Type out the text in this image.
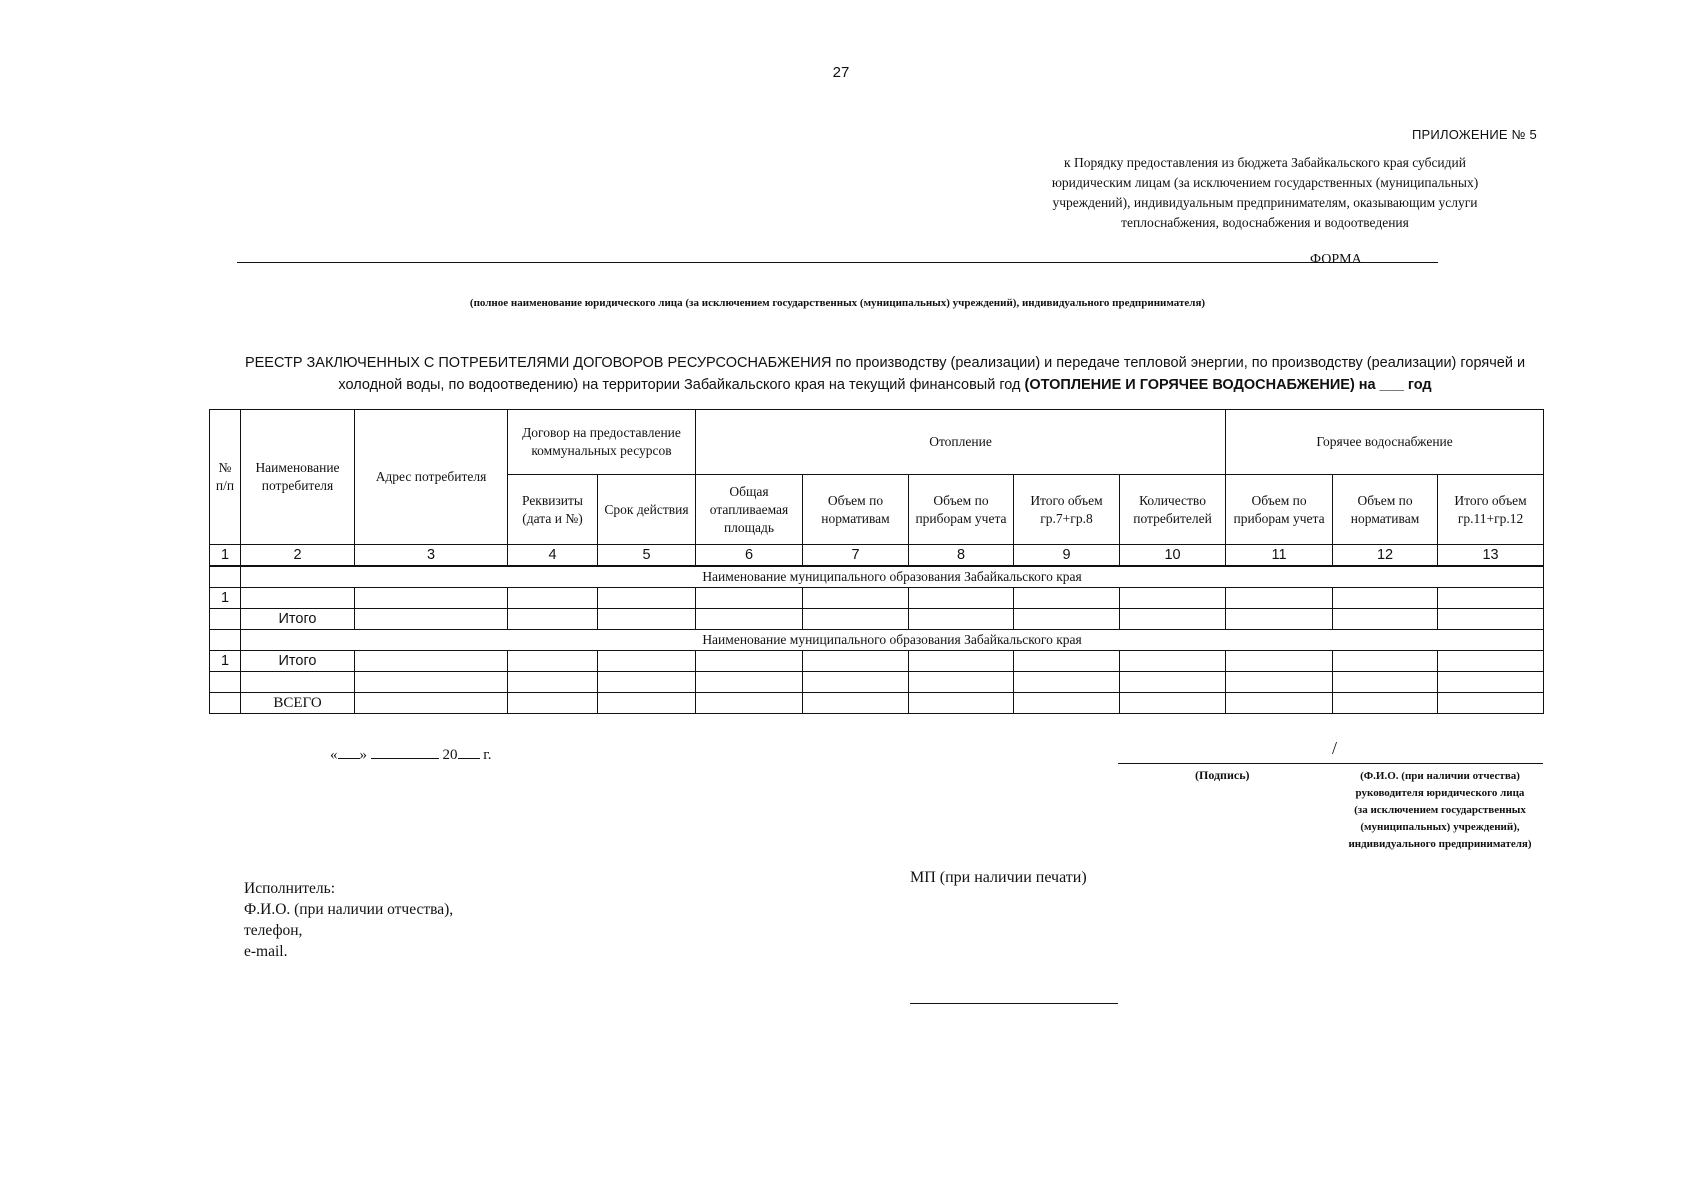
27
ПРИЛОЖЕНИЕ № 5
к Порядку предоставления из бюджета Забайкальского края субсидий
юридическим лицам (за исключением государственных (муниципальных)
учреждений), индивидуальным предпринимателям, оказывающим услуги
теплоснабжения, водоснабжения и водоотведения
ФОРМА
(полное наименование юридического лица (за исключением государственных (муниципальных) учреждений), индивидуального предпринимателя)
РЕЕСТР ЗАКЛЮЧЕННЫХ С ПОТРЕБИТЕЛЯМИ ДОГОВОРОВ РЕСУРСОСНАБЖЕНИЯ по производству (реализации) и передаче тепловой энергии, по производству (реализации) горячей и
холодной воды, по водоотведению) на территории Забайкальского края на текущий финансовый год (ОТОПЛЕНИЕ И ГОРЯЧЕЕ ВОДОСНАБЖЕНИЕ) на ___ год
№ п/п	Наименование потребителя	Адрес потребителя	Договор на предоставление коммунальных ресурсов		Отопление					Горячее водоснабжение		
			Реквизиты (дата и №)	Срок действия	Общая отапливаемая площадь	Объем по нормативам	Объем по приборам учета	Итого объем гр.7+гр.8	Количество потребителей	Объем по приборам учета	Объем по нормативам	Итого объем гр.11+гр.12
1	2	3	4	5	6	7	8	9	10	11	12	13
	Наименование муниципального образования Забайкальского края											
1												
	Итого											
	Наименование муниципального образования Забайкальского края											
1	Итого											

	ВСЕГО											
« »	20 г.	/
(Подпись)	(Ф.И.О. (при наличии отчества)
руководителя юридического лица
(за исключением государственных
(муниципальных) учреждений),
индивидуального предпринимателя)
МП (при наличии печати)
Исполнитель:
Ф.И.О. (при наличии отчества),
телефон,
e-mail.
